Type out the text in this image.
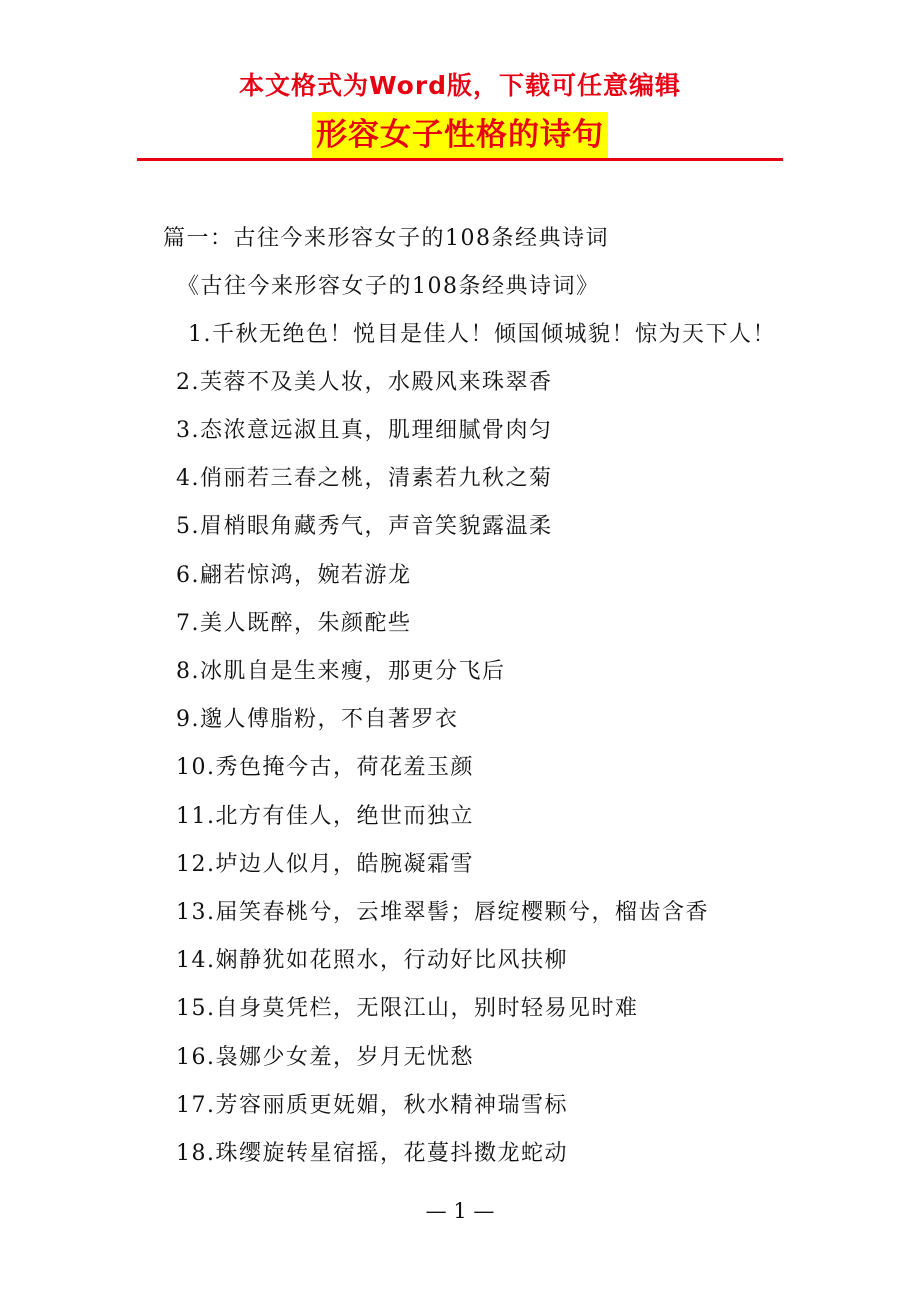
本文格式为Word版，下载可任意编辑
形容女子性格的诗句
篇一：古往今来形容女子的108条经典诗词
《古往今来形容女子的108条经典诗词》
1.千秋无绝色！悦目是佳人！倾国倾城貌！惊为天下人！
2.芙蓉不及美人妆，水殿风来珠翠香
3.态浓意远淑且真，肌理细腻骨肉匀
4.俏丽若三春之桃，清素若九秋之菊
5.眉梢眼角藏秀气，声音笑貌露温柔
6.翩若惊鸿，婉若游龙
7.美人既醉，朱颜酡些
8.冰肌自是生来瘦，那更分飞后
9.邈人傅脂粉，不自著罗衣
10.秀色掩今古，荷花羞玉颜
11.北方有佳人，绝世而独立
12.垆边人似月，皓腕凝霜雪
13.届笑春桃兮，云堆翠髻；唇绽樱颗兮，榴齿含香
14.娴静犹如花照水，行动好比风扶柳
15.自身莫凭栏，无限江山，别时轻易见时难
16.袅娜少女羞，岁月无忧愁
17.芳容丽质更妩媚，秋水精神瑞雪标
18.珠缨旋转星宿摇，花蔓抖擞龙蛇动
— 1 —
